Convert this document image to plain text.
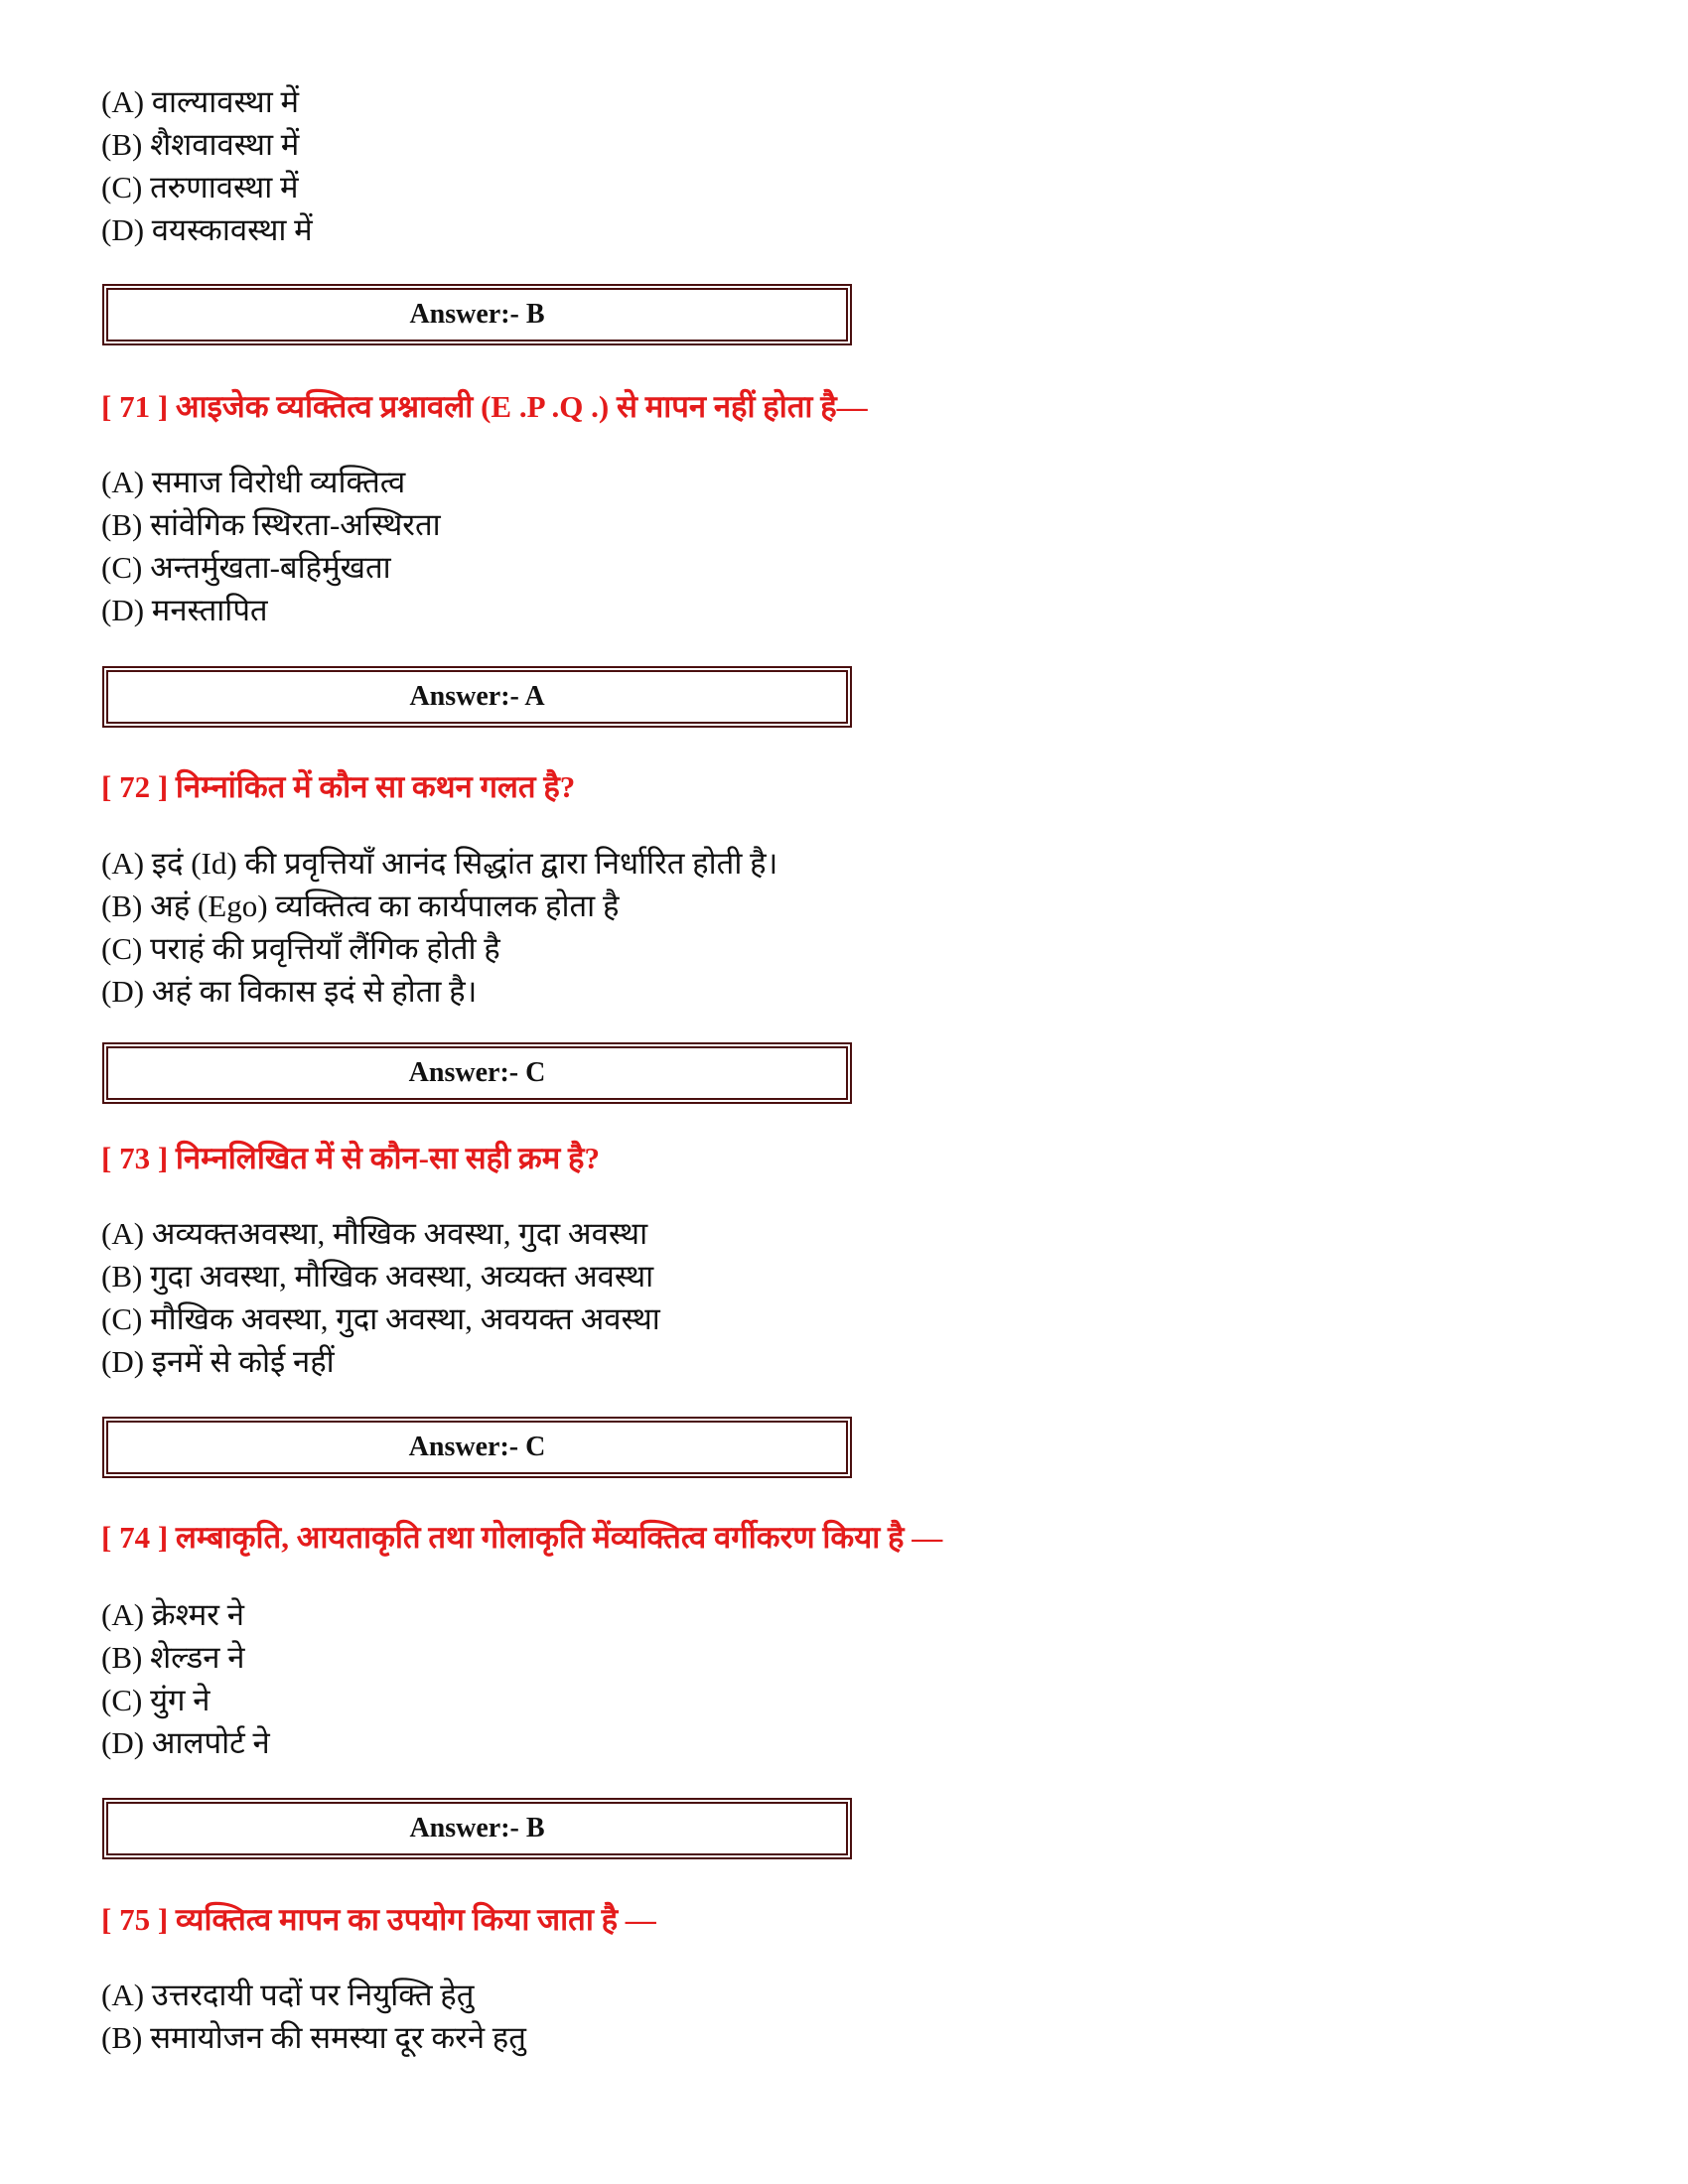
(A) वाल्यावस्था में
(B) शैशवावस्था में
(C) तरुणावस्था में
(D) वयस्कावस्था में
Answer:- B
[ 71 ] आइजेक व्यक्तित्व प्रश्नावली (E .P .Q .) से मापन नहीं होता है—
(A) समाज विरोधी व्यक्तित्व
(B) सांवेगिक स्थिरता-अस्थिरता
(C) अन्तर्मुखता-बहिर्मुखता
(D) मनस्तापित
Answer:- A
[ 72 ] निम्नांकित में कौन सा कथन गलत है?
(A) इदं (Id) की प्रवृत्तियाँ आनंद सिद्धांत द्वारा निर्धारित होती है।
(B) अहं (Ego) व्यक्तित्व का कार्यपालक होता है
(C) पराहं की प्रवृत्तियाँ लैंगिक होती है
(D) अहं का विकास इदं से होता है।
Answer:- C
[ 73 ] निम्नलिखित में से कौन-सा सही क्रम है?
(A) अव्यक्तअवस्था, मौखिक अवस्था, गुदा अवस्था
(B) गुदा अवस्था, मौखिक अवस्था, अव्यक्त अवस्था
(C) मौखिक अवस्था, गुदा अवस्था, अवयक्त अवस्था
(D) इनमें से कोई नहीं
Answer:- C
[ 74 ] लम्बाकृति, आयताकृति तथा गोलाकृति मेंव्यक्तित्व वर्गीकरण किया है —
(A) क्रेश्मर ने
(B) शेल्डन ने
(C) युंग ने
(D) आलपोर्ट ने
Answer:- B
[ 75 ] व्यक्तित्व मापन का उपयोग किया जाता है —
(A) उत्तरदायी पदों पर नियुक्ति हेतु
(B) समायोजन की समस्या दूर करने हतु
